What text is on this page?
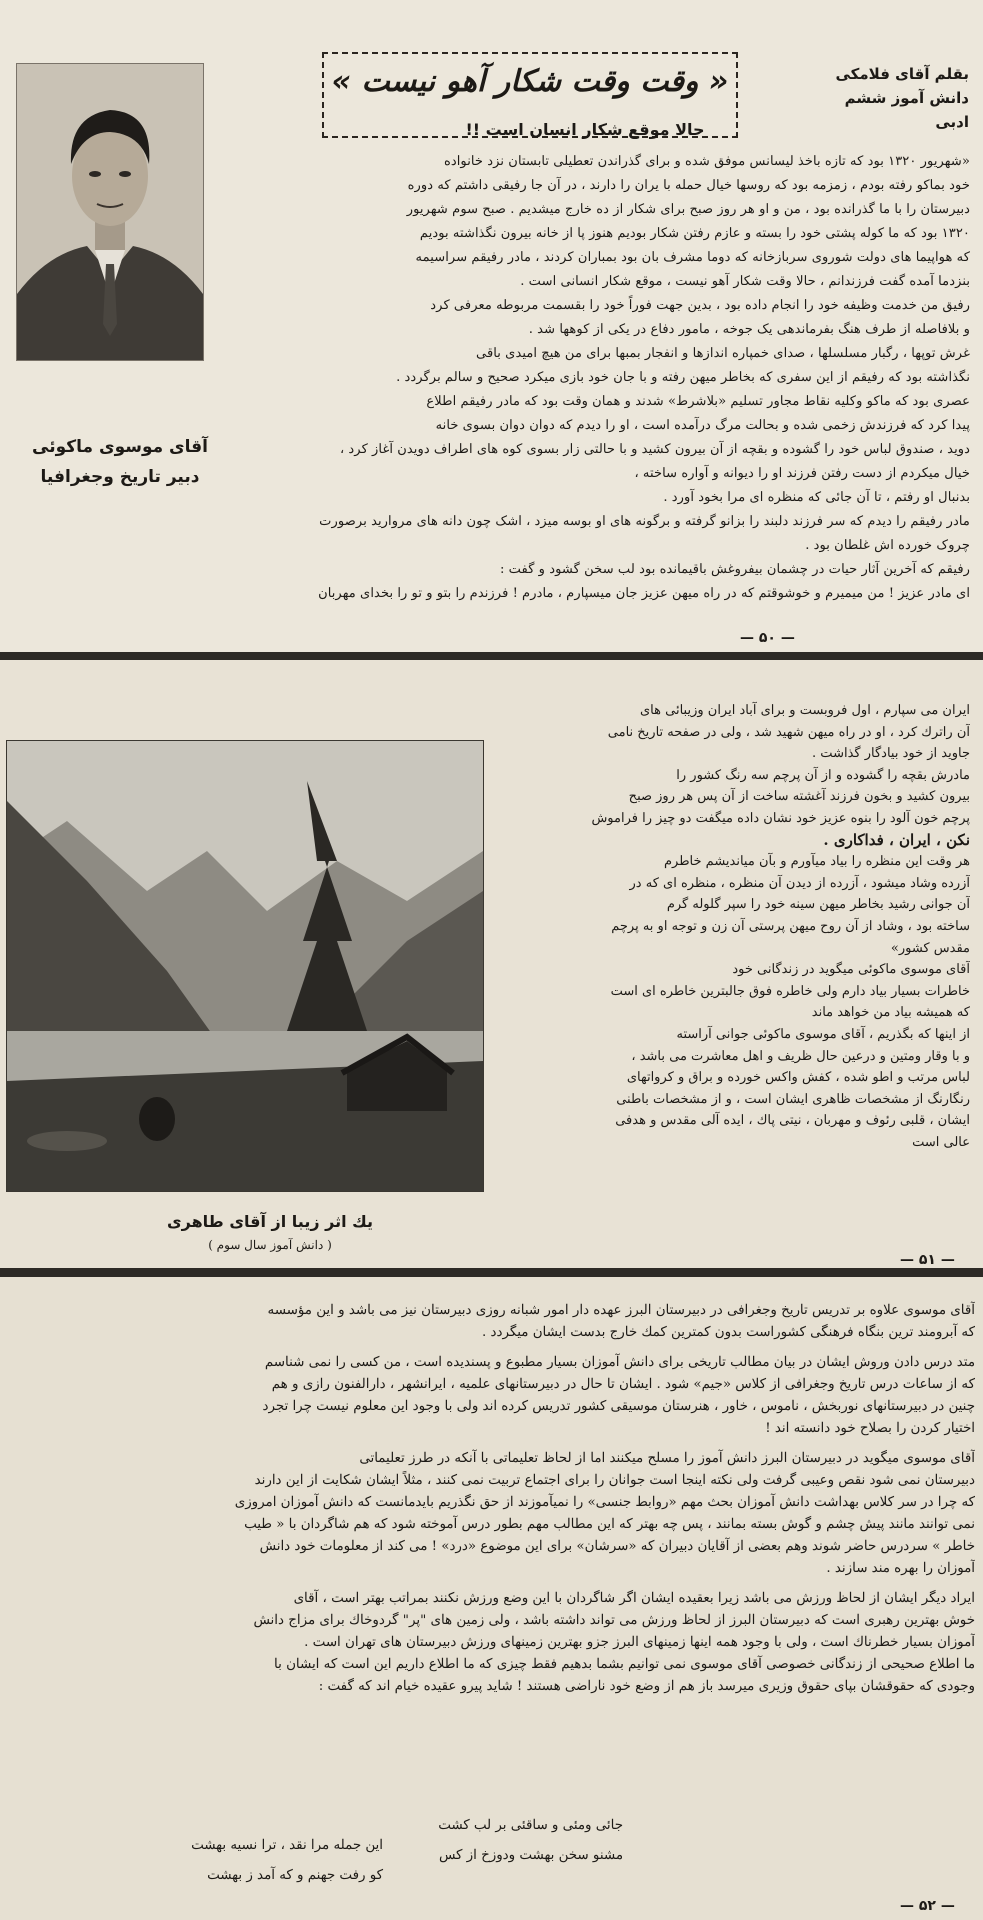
بقلم آقای فلامکی
دانش آموز ششم ادبی
« وقت وقت شکار آهو نیست »
حالا موقع شکار انسان است !!
آقای موسوی ماکوئی
دبیر تاریخ وجغرافیا
«شهریور ۱۳۲۰ بود که تازه باخذ لیسانس موفق شده و برای گذراندن تعطیلی تابستان نزد خانواده
خود بماکو رفته بودم ، زمزمه بود که روسها خیال حمله با یران را دارند ، در آن جا رفیقی داشتم که دوره
دبیرستان را با ما گذرانده بود ، من و او هر روز صبح برای شکار از ده خارج میشدیم . صبح سوم شهریور
۱۳۲۰ بود که ما کوله پشتی خود را بسته و عازم رفتن شکار بودیم هنوز پا از خانه بیرون نگذاشته بودیم
که هواپیما های دولت شوروی سربازخانه که دوما مشرف بان بود بمباران کردند ، مادر رفیقم سراسیمه
بنزدما آمده گفت فرزندانم ، حالا وقت شکار آهو نیست ، موقع شکار انسانی است .
رفیق من خدمت وظیفه خود را انجام داده بود ، بدین جهت فوراً خود را بقسمت مربوطه معرفی کرد
و بلافاصله از طرف هنگ بفرماندهی یک جوخه ، مامور دفاع در یکی از کوهها شد .
غرش توپها ، رگبار مسلسلها ، صدای خمپاره اندازها و انفجار بمبها برای من هیچ امیدی باقی
نگذاشته بود که رفیقم از این سفری که بخاطر میهن رفته و با جان خود بازی میکرد صحیح و سالم برگردد .
عصری بود که ماکو وکلیه نقاط مجاور تسلیم «بلاشرط» شدند و همان وقت بود که مادر رفیقم اطلاع
پیدا کرد که فرزندش زخمی شده و بحالت مرگ درآمده است ، او را دیدم که دوان دوان بسوی خانه
دوید ، صندوق لباس خود را گشوده و بقچه از آن بیرون کشید و با حالتی زار بسوی کوه های اطراف دویدن آغاز کرد ،
خیال میکردم از دست رفتن فرزند او را دیوانه و آواره ساخته ،
بدنبال او رفتم ، تا آن جائی که منظره ای مرا بخود آورد .
مادر رفیقم را دیدم که سر فرزند دلبند را بزانو گرفته و برگونه های او بوسه میزد ، اشک چون دانه های مروارید برصورت
چروک خورده اش غلطان بود .
رفیقم که آخرین آثار حیات در چشمان بیفروغش باقیمانده بود لب سخن گشود و گفت :
ای مادر عزیز ! من میمیرم و خوشوقتم که در راه میهن عزیز جان میسپارم ، مادرم ! فرزندم را بتو و تو را بخدای مهربان
— ۵۰ —
یك اثر زیبا از آقای طاهری
( دانش آموز سال سوم )
ایران می سپارم ، اول فروبست و برای آباد ایران وزیبائی های
آن راترك كرد ، او در راه میهن شهید شد ، ولی در صفحه تاریخ نامی
جاوید از خود بیادگار گذاشت .
مادرش بقچه را گشوده و از آن پرچم سه رنگ کشور را
بیرون کشید و بخون فرزند آغشته ساخت از آن پس هر روز صبح
پرچم خون آلود را بنوه عزیز خود نشان داده میگفت دو چیز را فراموش
نکن ، ایران ، فداکاری .
هر وقت این منظره را بیاد میآورم و بآن میاندیشم خاطرم
آزرده وشاد میشود ، آزرده از دیدن آن منظره ، منظره ای که در
آن جوانی رشید بخاطر میهن سینه خود را سپر گلوله گرم
ساخته بود ، وشاد از آن روح میهن پرستی آن زن و توجه او به پرچم
مقدس کشور»
آقای موسوی ماکوئی میگوید در زندگانی خود
خاطرات بسیار بیاد دارم ولی خاطره فوق جالبترین خاطره ای است
که همیشه بیاد من خواهد ماند
از اینها که بگذریم ، آقای موسوی ماکوئی جوانی آراسته
و با وقار ومتین و درعین حال ظریف و اهل معاشرت می باشد ،
لباس مرتب و اطو شده ، کفش واکس خورده و براق و کرواتهای
رنگارنگ از مشخصات ظاهری ایشان است ، و از مشخصات باطنی
ایشان ، قلبی رئوف و مهربان ، نیتی پاك ، ایده آلی مقدس و هدفی
عالی است
— ۵۱ —
آقای موسوی علاوه بر تدریس تاریخ وجغرافی در دبیرستان البرز عهده دار امور شبانه روزی دبیرستان نیز می باشد و این مؤسسه
که آبرومند ترین بنگاه فرهنگی کشوراست بدون کمترین کمك خارج بدست ایشان میگردد .
متد درس دادن وروش ایشان در بیان مطالب تاریخی برای دانش آموزان بسیار مطبوع و پسندیده است ، من کسی را نمی شناسم
که از ساعات درس تاریخ وجغرافی از کلاس «جیم» شود . ایشان تا حال در دبیرستانهای علمیه ، ایرانشهر ، دارالفنون رازی و هم
چنین در دبیرستانهای نوربخش ، ناموس ، خاور ، هنرستان موسیقی کشور تدریس کرده اند ولی با وجود این معلوم نیست چرا تجرد
اختیار کردن را بصلاح خود دانسته اند !
آقای موسوی میگوید در دبیرستان البرز دانش آموز را مسلح میکنند اما از لحاظ تعلیماتی با آنکه در طرز تعلیماتی
دبیرستان نمی شود نقص وعیبی گرفت ولی نکته اینجا است جوانان را برای اجتماع تربیت نمی کنند ، مثلاً ایشان شکایت از این دارند
که چرا در سر کلاس بهداشت دانش آموزان بحث مهم «روابط جنسی» را نمیآموزند از حق نگذریم بایدمانست که دانش آموزان امروزی
نمی توانند مانند پیش چشم و گوش بسته بمانند ، پس چه بهتر که این مطالب مهم بطور درس آموخته شود که هم شاگردان با « طیب
خاطر » سردرس حاضر شوند وهم بعضی از آقایان دبیران که «سرشان» برای این موضوع «درد» ! می کند از معلومات خود دانش
آموزان را بهره مند سازند .
ایراد دیگر ایشان از لحاظ ورزش می باشد زیرا بعقیده ایشان اگر شاگردان با این وضع ورزش نکنند بمراتب بهتر است ، آقای
خوش بهترین رهبری است که دبیرستان البرز از لحاظ ورزش می تواند داشته باشد ، ولی زمین های "پر" گردوخاك برای مزاج دانش
آموزان بسیار خطرناك است ، ولی با وجود همه اینها زمینهای البرز جزو بهترین زمینهای ورزش دبیرستان های تهران است .
ما اطلاع صحیحی از زندگانی خصوصی آقای موسوی نمی توانیم بشما بدهیم فقط چیزی که ما اطلاع داریم این است که ایشان با
وجودی که حقوقشان بپای حقوق وزیری میرسد باز هم از وضع خود ناراضی هستند ! شاید پیرو عقیده خیام اند که گفت :
جائی ومئی و ساقئی بر لب کشت
این جمله مرا نقد ، ترا نسیه بهشت
مشنو سخن بهشت ودوزخ از کس
کو رفت جهنم و که آمد ز بهشت
— ۵۲ —
